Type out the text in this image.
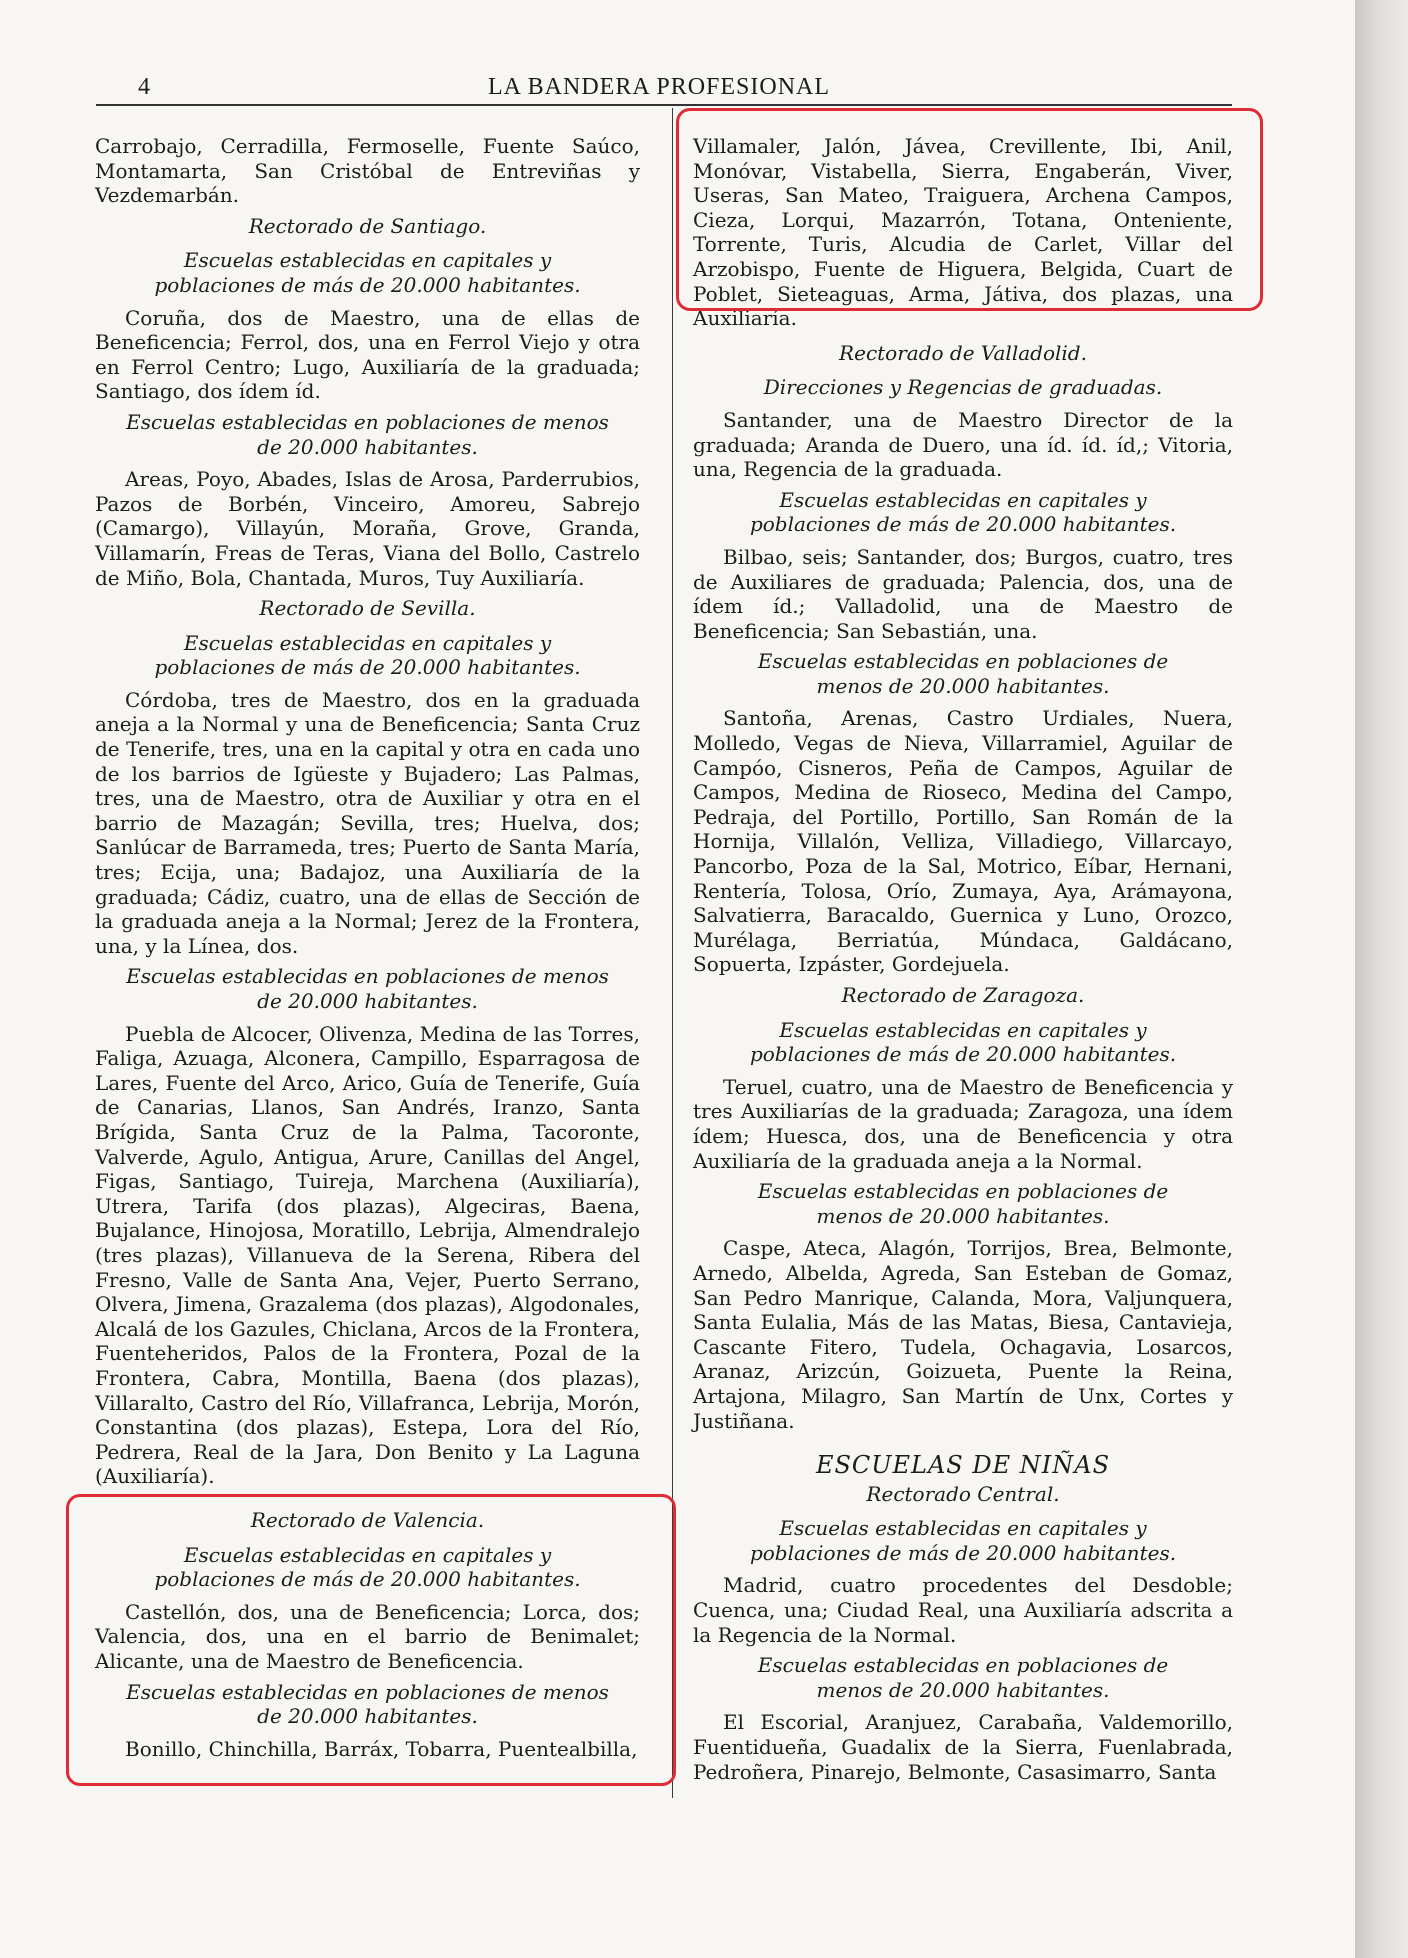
4	LA BANDERA PROFESIONAL

Carrobajo, Cerradilla, Fermoselle, Fuente Saúco, Montamarta, San Cristóbal de Entreviñas y Vezdemarbán.

Rectorado de Santiago.
Escuelas establecidas en capitales y poblaciones de más de 20.000 habitantes.

Coruña, dos de Maestro, una de ellas de Beneficencia; Ferrol, dos, una en Ferrol Viejo y otra en Ferrol Centro; Lugo, Auxiliaría de la graduada; Santiago, dos ídem íd.

Escuelas establecidas en poblaciones de menos de 20.000 habitantes.

Areas, Poyo, Abades, Islas de Arosa, Parderrubios, Pazos de Borbén, Vinceiro, Amoreu, Sabrejo (Camargo), Villayún, Moraña, Grove, Granda, Villamarín, Freas de Teras, Viana del Bollo, Castrelo de Miño, Bola, Chantada, Muros, Tuy Auxiliaría.

Rectorado de Sevilla.
Escuelas establecidas en capitales y poblaciones de más de 20.000 habitantes.

Córdoba, tres de Maestro, dos en la graduada aneja a la Normal y una de Beneficencia; Santa Cruz de Tenerife, tres, una en la capital y otra en cada uno de los barrios de Igüeste y Bujadero; Las Palmas, tres, una de Maestro, otra de Auxiliar y otra en el barrio de Mazagán; Sevilla, tres; Huelva, dos; Sanlúcar de Barrameda, tres; Puerto de Santa María, tres; Ecija, una; Badajoz, una Auxiliaría de la graduada; Cádiz, cuatro, una de ellas de Sección de la graduada aneja a la Normal; Jerez de la Frontera, una, y la Línea, dos.

Escuelas establecidas en poblaciones de menos de 20.000 habitantes.

Puebla de Alcocer, Olivenza, Medina de las Torres, Faliga, Azuaga, Alconera, Campillo, Esparragosa de Lares, Fuente del Arco, Arico, Guía de Tenerife, Guía de Canarias, Llanos, San Andrés, Iranzo, Santa Brígida, Santa Cruz de la Palma, Tacoronte, Valverde, Agulo, Antigua, Arure, Canillas del Angel, Figas, Santiago, Tuireja, Marchena (Auxiliaría), Utrera, Tarifa (dos plazas), Algeciras, Baena, Bujalance, Hinojosa, Moratillo, Lebrija, Almendralejo (tres plazas), Villanueva de la Serena, Ribera del Fresno, Valle de Santa Ana, Vejer, Puerto Serrano, Olvera, Jimena, Grazalema (dos plazas), Algodonales, Alcalá de los Gazules, Chiclana, Arcos de la Frontera, Fuenteheridos, Palos de la Frontera, Pozal de la Frontera, Cabra, Montilla, Baena (dos plazas), Villaralto, Castro del Río, Villafranca, Lebrija, Morón, Constantina (dos plazas), Estepa, Lora del Río, Pedrera, Real de la Jara, Don Benito y La Laguna (Auxiliaría).

Rectorado de Valencia.
Escuelas establecidas en capitales y poblaciones de más de 20.000 habitantes.

Castellón, dos, una de Beneficencia; Lorca, dos; Valencia, dos, una en el barrio de Benimalet; Alicante, una de Maestro de Beneficencia.

Escuelas establecidas en poblaciones de menos de 20.000 habitantes.

Bonillo, Chinchilla, Barráx, Tobarra, Puentealbilla,

Villamaler, Jalón, Jávea, Crevillente, Ibi, Anil, Monóvar, Vistabella, Sierra, Engaberán, Viver, Useras, San Mateo, Traiguera, Archena Campos, Cieza, Lorqui, Mazarrón, Totana, Onteniente, Torrente, Turis, Alcudia de Carlet, Villar del Arzobispo, Fuente de Higuera, Belgida, Cuart de Poblet, Sieteaguas, Arma, Játiva, dos plazas, una Auxiliaría.

Rectorado de Valladolid.
Direcciones y Regencias de graduadas.

Santander, una de Maestro Director de la graduada; Aranda de Duero, una íd. íd. íd,; Vitoria, una, Regencia de la graduada.

Escuelas establecidas en capitales y poblaciones de más de 20.000 habitantes.

Bilbao, seis; Santander, dos; Burgos, cuatro, tres de Auxiliares de graduada; Palencia, dos, una de ídem íd.; Valladolid, una de Maestro de Beneficencia; San Sebastián, una.

Escuelas establecidas en poblaciones de menos de 20.000 habitantes.

Santoña, Arenas, Castro Urdiales, Nuera, Molledo, Vegas de Nieva, Villarramiel, Aguilar de Campóo, Cisneros, Peña de Campos, Aguilar de Campos, Medina de Rioseco, Medina del Campo, Pedraja, del Portillo, Portillo, San Román de la Hornija, Villalón, Velliza, Villadiego, Villarcayo, Pancorbo, Poza de la Sal, Motrico, Eíbar, Hernani, Rentería, Tolosa, Orío, Zumaya, Aya, Arámayona, Salvatierra, Baracaldo, Guernica y Luno, Orozco, Murélaga, Berriatúa, Múndaca, Galdácano, Sopuerta, Izpáster, Gordejuela.

Rectorado de Zaragoza.
Escuelas establecidas en capitales y poblaciones de más de 20.000 habitantes.

Teruel, cuatro, una de Maestro de Beneficencia y tres Auxiliarías de la graduada; Zaragoza, una ídem ídem; Huesca, dos, una de Beneficencia y otra Auxiliaría de la graduada aneja a la Normal.

Escuelas establecidas en poblaciones de menos de 20.000 habitantes.

Caspe, Ateca, Alagón, Torrijos, Brea, Belmonte, Arnedo, Albelda, Agreda, San Esteban de Gomaz, San Pedro Manrique, Calanda, Mora, Valjunquera, Santa Eulalia, Más de las Matas, Biesa, Cantavieja, Cascante Fitero, Tudela, Ochagavia, Losarcos, Aranaz, Arizcún, Goizueta, Puente la Reina, Artajona, Milagro, San Martín de Unx, Cortes y Justiñana.

ESCUELAS DE NIÑAS
Rectorado Central.
Escuelas establecidas en capitales y poblaciones de más de 20.000 habitantes.

Madrid, cuatro procedentes del Desdoble; Cuenca, una; Ciudad Real, una Auxiliaría adscrita a la Regencia de la Normal.

Escuelas establecidas en poblaciones de menos de 20.000 habitantes.

El Escorial, Aranjuez, Carabaña, Valdemorillo, Fuentidueña, Guadalix de la Sierra, Fuenlabrada, Pedroñera, Pinarejo, Belmonte, Casasimarro, Santa
